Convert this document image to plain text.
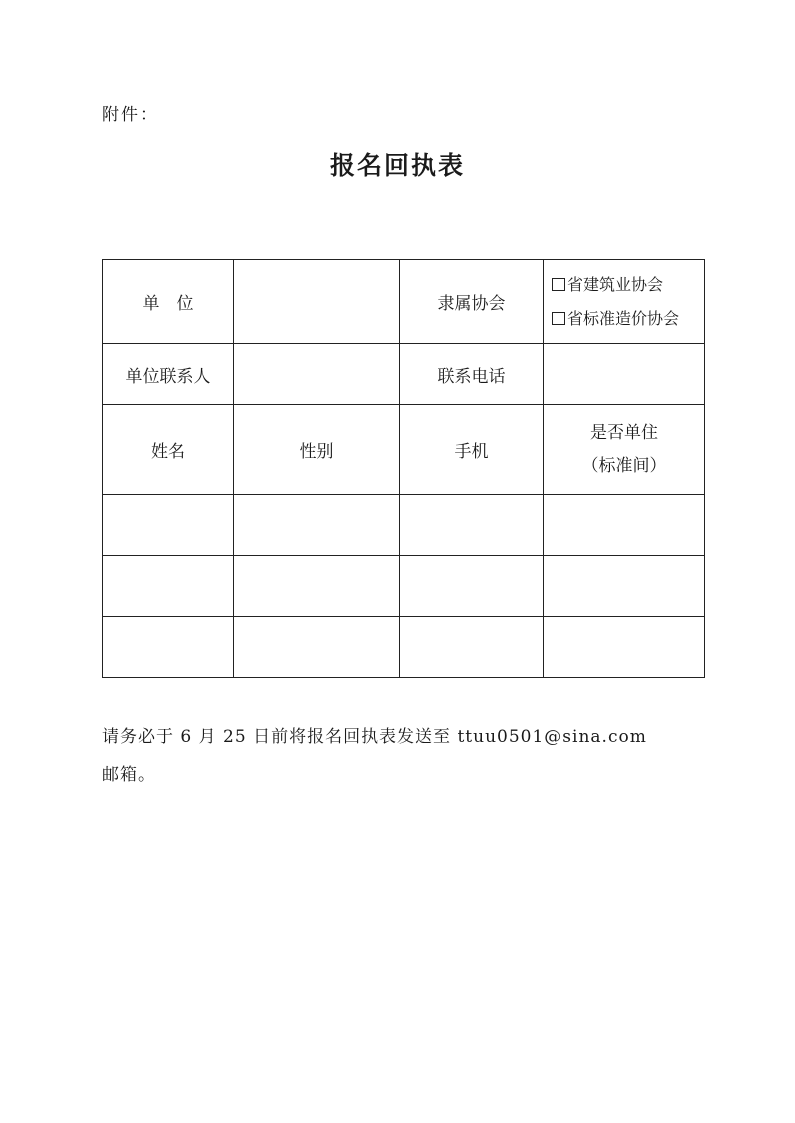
附件：
报名回执表
单　位		隶属协会	省建筑业协会
省标准造价协会

单位联系人		联系电话	
姓名	性别	手机	是否单住
（标准间）

请务必于 6 月 25 日前将报名回执表发送至 ttuu0501@sina.com
邮箱。
